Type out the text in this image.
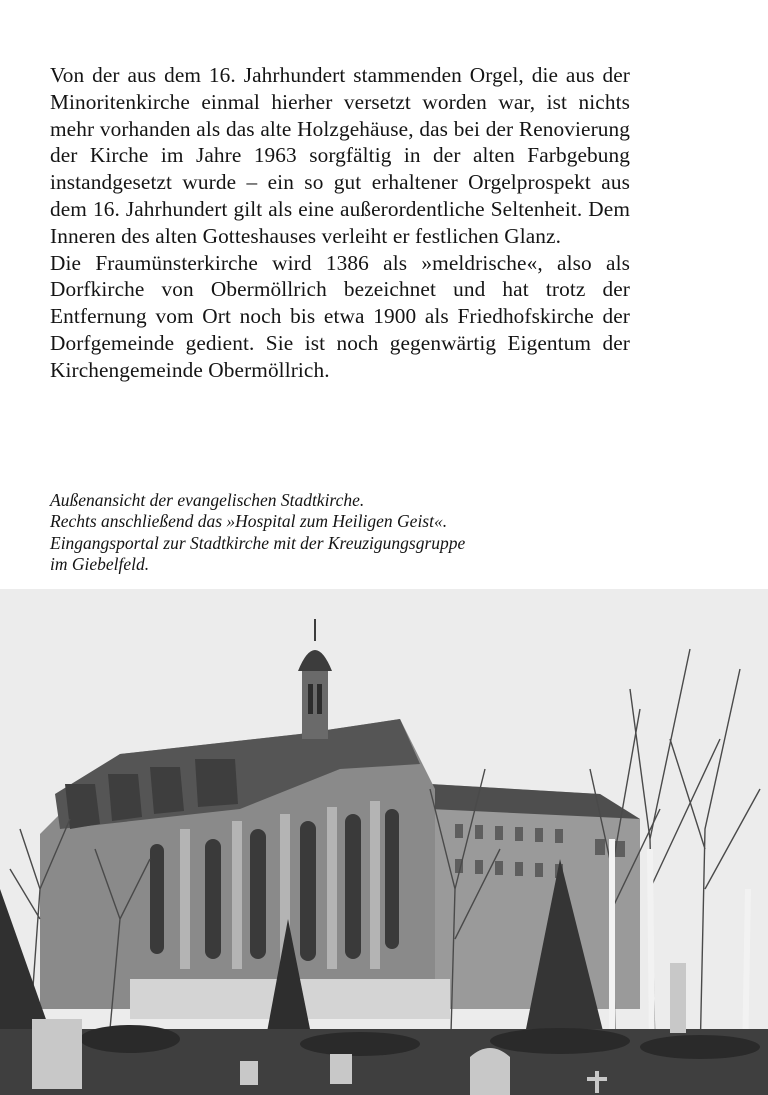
Von der aus dem 16. Jahrhundert stammenden Orgel, die aus der Minoritenkirche einmal hierher versetzt worden war, ist nichts mehr vorhanden als das alte Holzgehäuse, das bei der Renovierung der Kirche im Jahre 1963 sorgfältig in der alten Farbgebung instandgesetzt wurde – ein so gut erhaltener Orgelprospekt aus dem 16. Jahrhundert gilt als eine außerordentliche Seltenheit. Dem Inneren des alten Gotteshauses verleiht er festlichen Glanz.

Die Fraumünsterkirche wird 1386 als »meldrische«, also als Dorfkirche von Obermöllrich bezeichnet und hat trotz der Entfernung vom Ort noch bis etwa 1900 als Friedhofskirche der Dorfgemeinde gedient. Sie ist noch gegenwärtig Eigentum der Kirchengemeinde Obermöllrich.

Außenansicht der evangelischen Stadtkirche.
Rechts anschließend das »Hospital zum Heiligen Geist«.
Eingangsportal zur Stadtkirche mit der Kreuzigungsgruppe
im Giebelfeld.
